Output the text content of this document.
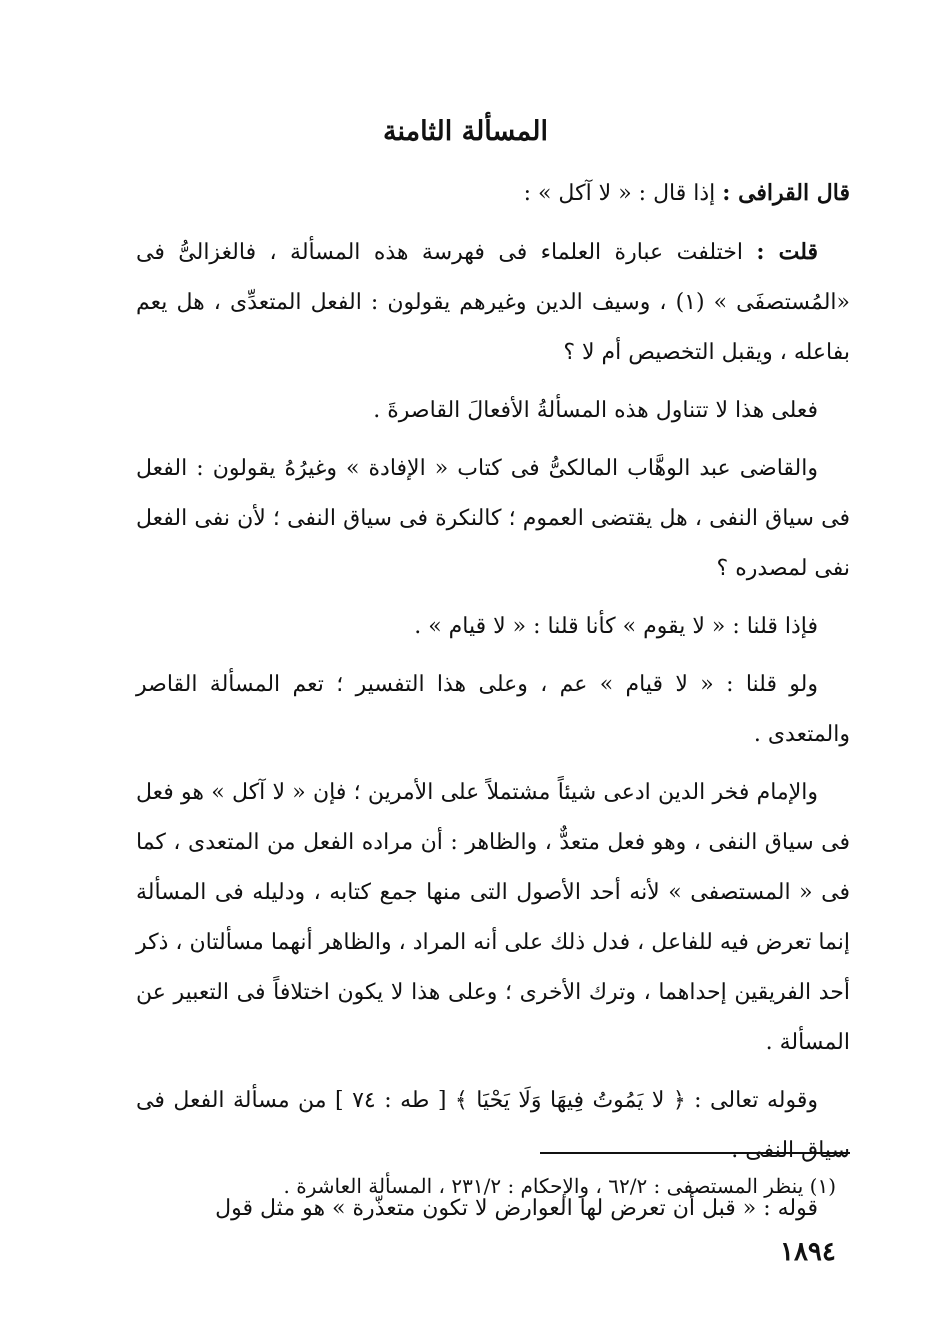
المسألة الثامنة

قال القرافى : إذا قال : « لا آكل » :

قلت : اختلفت عبارة العلماء فى فهرسة هذه المسألة ، فالغزالىُّ فى «المُستصفَى » (١) ، وسيف الدين وغيرهم يقولون : الفعل المتعدِّى ، هل يعم بفاعله ، ويقبل التخصيص أم لا ؟

فعلى هذا لا تتناول هذه المسألةُ الأفعالَ القاصرةَ .

والقاضى عبد الوهَّاب المالكىُّ فى كتاب « الإفادة » وغيرُهُ يقولون : الفعل فى سياق النفى ، هل يقتضى العموم ؛ كالنكرة فى سياق النفى ؛ لأن نفى الفعل نفى لمصدره ؟

فإذا قلنا : « لا يقوم » كأنا قلنا : « لا قيام » .

ولو قلنا : « لا قيام » عم ، وعلى هذا التفسير ؛ تعم المسألة القاصر والمتعدى .

والإمام فخر الدين ادعى شيئاً مشتملاً على الأمرين ؛ فإن « لا آكل » هو فعل فى سياق النفى ، وهو فعل متعدٌّ ، والظاهر : أن مراده الفعل من المتعدى ، كما فى « المستصفى » لأنه أحد الأصول التى منها جمع كتابه ، ودليله فى المسألة إنما تعرض فيه للفاعل ، فدل ذلك على أنه المراد ، والظاهر أنهما مسألتان ، ذكر أحد الفريقين إحداهما ، وترك الأخرى ؛ وعلى هذا لا يكون اختلافاً فى التعبير عن المسألة .

وقوله تعالى : ﴿ لا يَمُوتُ فِيهَا وَلَا يَحْيَا ﴾ [ طه : ٧٤ ] من مسألة الفعل فى سياق النفى .

قوله : « قبل أن تعرض لها العوارض لا تكون متعذّرة » هو مثل قول

(١) ينظر المستصفى : ٦٢/٢ ، والإحكام : ٢٣١/٢ ، المسألة العاشرة .
١٨٩٤
